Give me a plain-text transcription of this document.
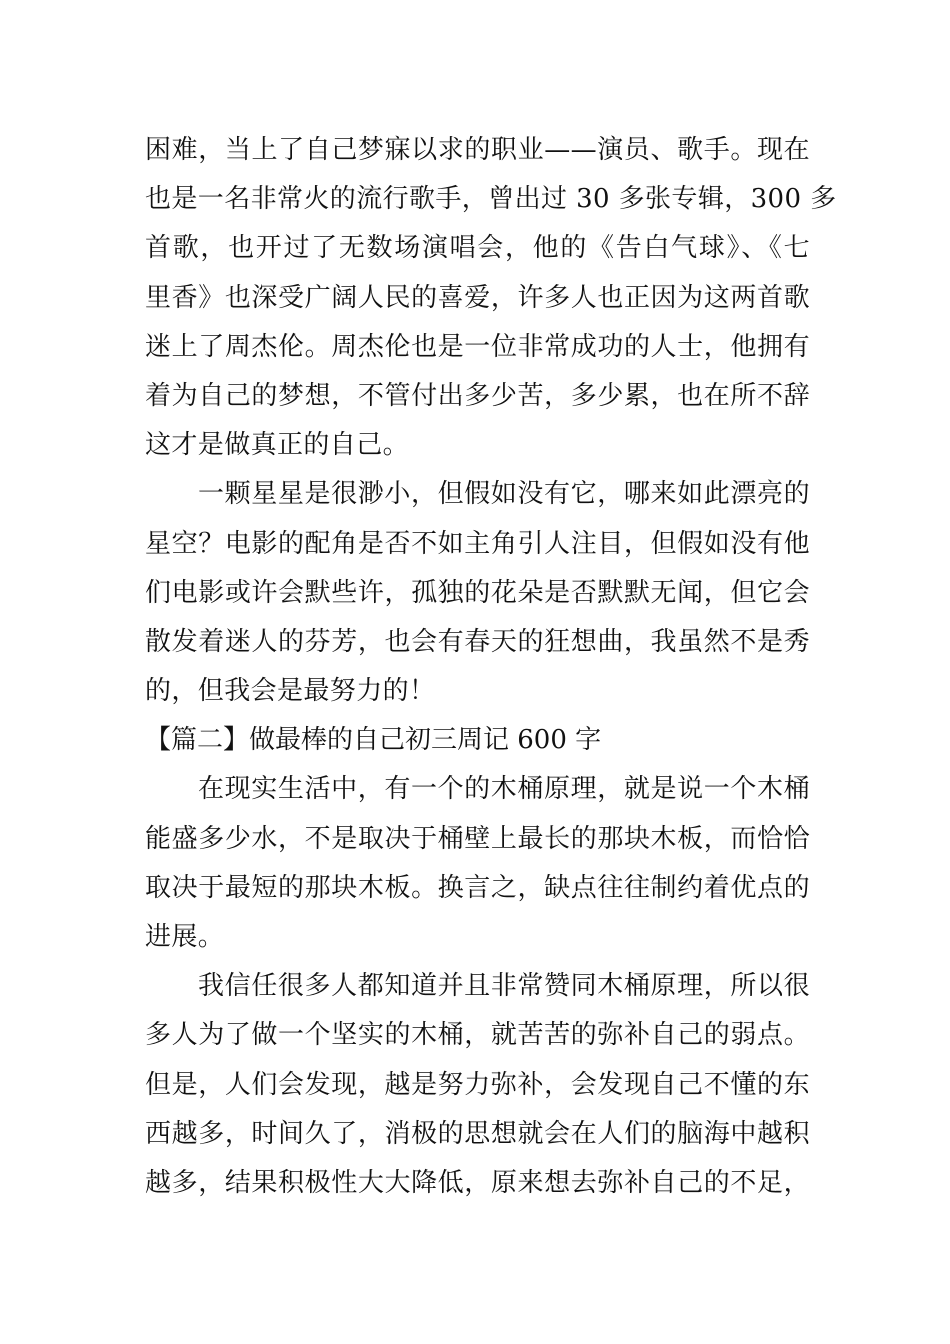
困难，当上了自己梦寐以求的职业——演员、歌手。现在
也是一名非常火的流行歌手，曾出过 30 多张专辑，300 多
首歌，也开过了无数场演唱会，他的《告白气球》、《七
里香》也深受广阔人民的喜爱，许多人也正因为这两首歌
迷上了周杰伦。周杰伦也是一位非常成功的人士，他拥有
着为自己的梦想，不管付出多少苦，多少累，也在所不辞
这才是做真正的自己。
一颗星星是很渺小，但假如没有它，哪来如此漂亮的
星空？电影的配角是否不如主角引人注目，但假如没有他
们电影或许会默些许，孤独的花朵是否默默无闻，但它会
散发着迷人的芬芳，也会有春天的狂想曲，我虽然不是秀
的，但我会是最努力的！
【篇二】做最棒的自己初三周记 600 字
在现实生活中，有一个的木桶原理，就是说一个木桶
能盛多少水，不是取决于桶壁上最长的那块木板，而恰恰
取决于最短的那块木板。换言之，缺点往往制约着优点的
进展。
我信任很多人都知道并且非常赞同木桶原理，所以很
多人为了做一个坚实的木桶，就苦苦的弥补自己的弱点。
但是，人们会发现，越是努力弥补，会发现自己不懂的东
西越多，时间久了，消极的思想就会在人们的脑海中越积
越多，结果积极性大大降低，原来想去弥补自己的不足，
